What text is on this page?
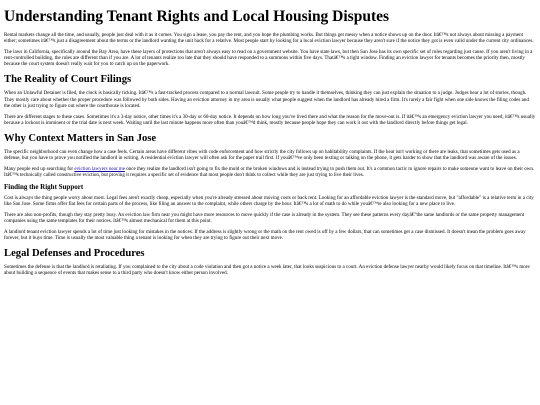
Understanding Tenant Rights and Local Housing Disputes

Rental markets change all the time, and usually, people just deal with it as it comes. You sign a lease, you pay the rent, and you hope the plumbing works. But things get messy when a notice shows up on the door. Itâ€™s not always about missing a payment either; sometimes itâ€™s just a disagreement about the terms or the landlord wanting the unit back for a relative. Most people start by looking for a local eviction lawyer because they aren't sure if the notice they got is even valid under the current city ordinances.

The laws in California, specifically around the Bay Area, have these layers of protections that aren't always easy to read on a government website. You have state laws, but then San Jose has its own specific set of rules regarding just cause. If you aren't living in a rent-controlled building, the rules are different than if you are. A lot of tenants realize too late that they should have responded to a summons within five days. Thatâ€™s a tight window. Finding an eviction lawyer for tenants becomes the priority then, mostly because the court system doesn't really wait for you to catch up on the paperwork.

The Reality of Court Filings

When an Unlawful Detainer is filed, the clock is basically ticking. Itâ€™s a fast-tracked process compared to a normal lawsuit. Some people try to handle it themselves, thinking they can just explain the situation to a judge. Judges hear a lot of stories, though. They mostly care about whether the proper procedure was followed by both sides. Having an eviction attorney in my area is usually what people suggest when the landlord has already hired a firm. It's rarely a fair fight when one side knows the filing codes and the other is just trying to figure out where the courthouse is located.

There are different stages to these cases. Sometimes it's a 3-day notice, other times it's a 30-day or 60-day notice. It depends on how long you've lived there and what the reason for the move-out is. If itâ€™s an emergency eviction lawyer you need, itâ€™s usually because a lockout is imminent or the trial date is next week. Waiting until the last minute happens more often than youâ€™d think, mostly because people hope they can work it out with the landlord directly before things get legal.

Why Context Matters in San Jose

The specific neighborhood can even change how a case feels. Certain areas have different vibes with code enforcement and how strictly the city follows up on habitability complaints. If the heat isn't working or there are leaks, that sometimes gets used as a defense, but you have to prove you notified the landlord in writing. A residential eviction lawyer will often ask for the paper trail first. If youâ€™ve only been texting or talking on the phone, it gets harder to show that the landlord was aware of the issues.

Many people end up searching for eviction lawyers near me once they realize the landlord isn't going to fix the mold or the broken windows and is instead trying to push them out. It's a common tactic to ignore repairs to make someone want to leave on their own. Itâ€™s technically called constructive eviction, but proving it requires a specific set of evidence that most people don't think to collect while they are just trying to live their lives.

Finding the Right Support

Cost is always the thing people worry about most. Legal fees aren't exactly cheap, especially when you're already stressed about moving costs or back rent. Looking for an affordable eviction lawyer is the standard move, but "affordable" is a relative term in a city like San Jose. Some firms offer flat fees for certain parts of the process, like filing an answer to the complaint, while others charge by the hour. Itâ€™s a lot of math to do while youâ€™re also looking for a new place to live.

There are also non-profits, though they stay pretty busy. An eviction law firm near you might have more resources to move quickly if the case is already in the system. They see these patterns every dayâ€”the same landlords or the same property management companies using the same templates for their notices. Itâ€™s almost mechanical for them at this point.

A landlord tenant eviction lawyer spends a lot of time just looking for mistakes in the notices. If the address is slightly wrong or the math on the rent owed is off by a few dollars, that can sometimes get a case dismissed. It doesn't mean the problem goes away forever, but it buys time. Time is usually the most valuable thing a tenant is looking for when they are trying to figure out their next move.

Legal Defenses and Procedures

Sometimes the defense is that the landlord is retaliating. If you complained to the city about a code violation and then got a notice a week later, that looks suspicious to a court. An eviction defense lawyer nearby would likely focus on that timeline. Itâ€™s more about building a sequence of events that makes sense to a third party who doesn't know either person involved.
